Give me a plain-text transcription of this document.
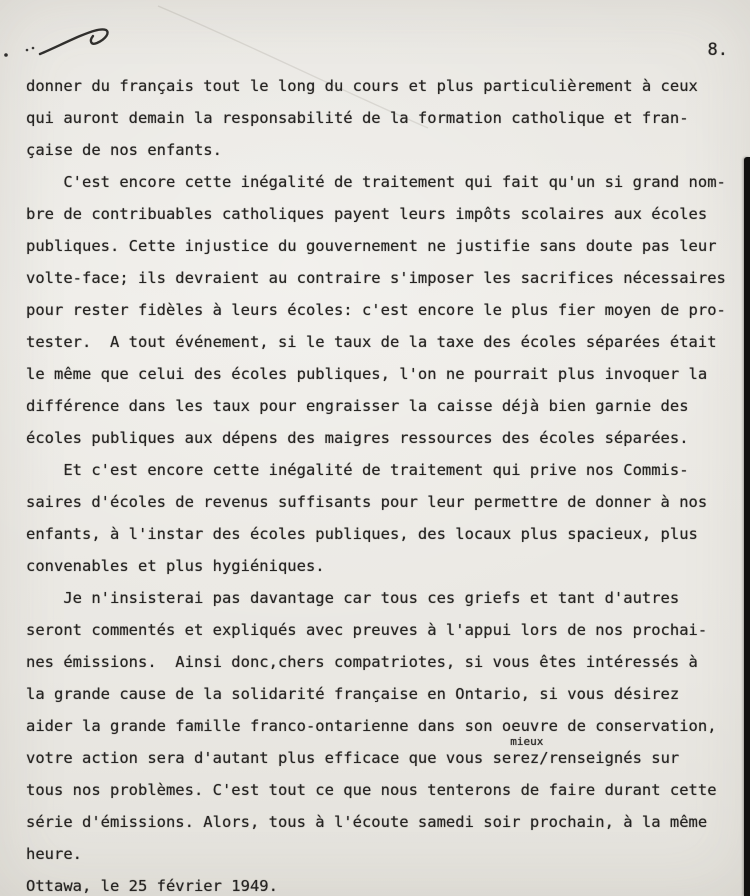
8.
donner du français tout le long du cours et plus particulièrement à ceux
qui auront demain la responsabilité de la formation catholique et fran-
çaise de nos enfants.
C'est encore cette inégalité de traitement qui fait qu'un si grand nom-
bre de contribuables catholiques payent leurs impôts scolaires aux écoles
publiques. Cette injustice du gouvernement ne justifie sans doute pas leur
volte-face; ils devraient au contraire s'imposer les sacrifices nécessaires
pour rester fidèles à leurs écoles: c'est encore le plus fier moyen de pro-
tester.  A tout événement, si le taux de la taxe des écoles séparées était
le même que celui des écoles publiques, l'on ne pourrait plus invoquer la
différence dans les taux pour engraisser la caisse déjà bien garnie des
écoles publiques aux dépens des maigres ressources des écoles séparées.
Et c'est encore cette inégalité de traitement qui prive nos Commis-
saires d'écoles de revenus suffisants pour leur permettre de donner à nos
enfants, à l'instar des écoles publiques, des locaux plus spacieux, plus
convenables et plus hygiéniques.
Je n'insisterai pas davantage car tous ces griefs et tant d'autres
seront commentés et expliqués avec preuves à l'appui lors de nos prochai-
nes émissions.  Ainsi donc,chers compatriotes, si vous êtes intéressés à
la grande cause de la solidarité française en Ontario, si vous désirez
aider la grande famille franco-ontarienne dans son oeuvre de conservation,
votre action sera d'autant plus efficace que vous serez
mieux
/renseignés sur
tous nos problèmes. C'est tout ce que nous tenterons de faire durant cette
série d'émissions. Alors, tous à l'écoute samedi soir prochain, à la même
heure.
Ottawa, le 25 février 1949.
